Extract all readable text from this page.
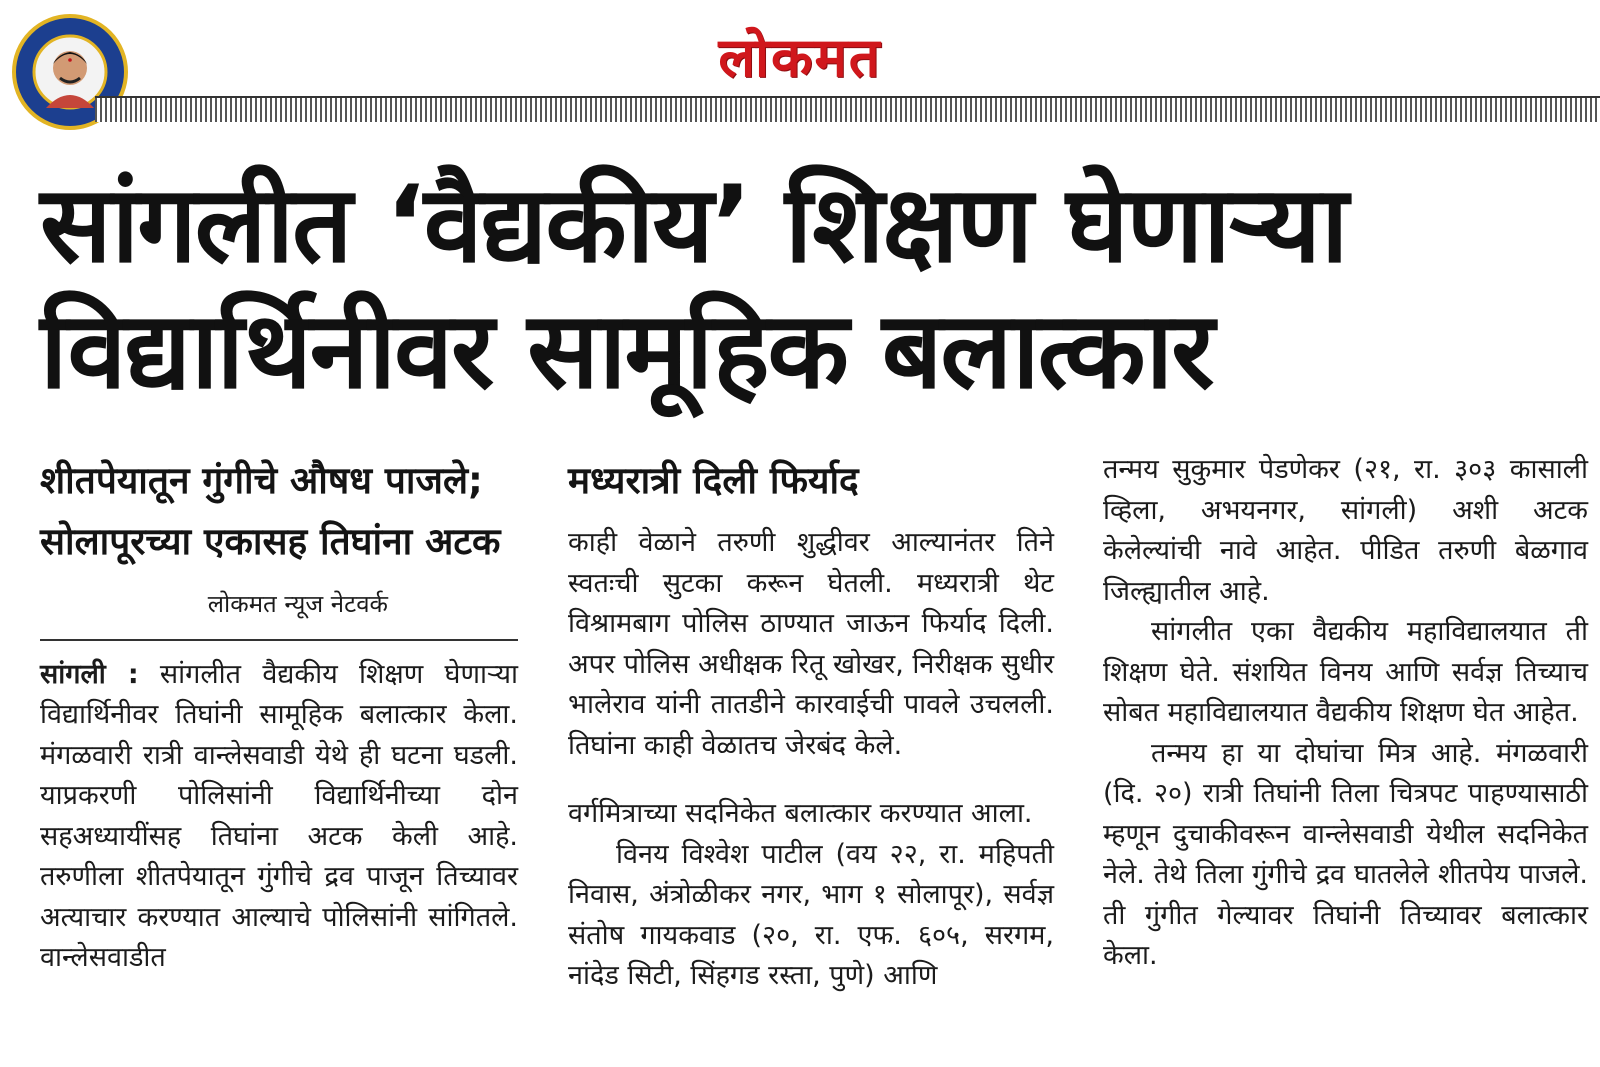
लोकमत
सांगलीत ‘वैद्यकीय’ शिक्षण घेणाऱ्या
विद्यार्थिनीवर सामूहिक बलात्कार
शीतपेयातून गुंगीचे औषध पाजले; सोलापूरच्या एकासह तिघांना अटक
लोकमत न्यूज नेटवर्क

सांगली : सांगलीत वैद्यकीय शिक्षण घेणाऱ्या विद्यार्थिनीवर तिघांनी सामूहिक बलात्कार केला. मंगळवारी रात्री वान्लेसवाडी येथे ही घटना घडली. याप्रकरणी पोलिसांनी विद्यार्थिनीच्या दोन सहअध्यायींसह तिघांना अटक केली आहे. तरुणीला शीतपेयातून गुंगीचे द्रव पाजून तिच्यावर अत्याचार करण्यात आल्याचे पोलिसांनी सांगितले. वान्लेसवाडीत

मध्यरात्री दिली फिर्याद

काही वेळाने तरुणी शुद्धीवर आल्यानंतर तिने स्वतःची सुटका करून घेतली. मध्यरात्री थेट विश्रामबाग पोलिस ठाण्यात जाऊन फिर्याद दिली. अपर पोलिस अधीक्षक रितू खोखर, निरीक्षक सुधीर भालेराव यांनी तातडीने कारवाईची पावले उचलली. तिघांना काही वेळातच जेरबंद केले.

वर्गमित्राच्या सदनिकेत बलात्कार करण्यात आला.

विनय विश्वेश पाटील (वय २२, रा. महिपती निवास, अंत्रोळीकर नगर, भाग १ सोलापूर), सर्वज्ञ संतोष गायकवाड (२०, रा. एफ. ६०५, सरगम, नांदेड सिटी, सिंहगड रस्ता, पुणे) आणि

तन्मय सुकुमार पेडणेकर (२१, रा. ३०३ कासाली व्हिला, अभयनगर, सांगली) अशी अटक केलेल्यांची नावे आहेत. पीडित तरुणी बेळगाव जिल्ह्यातील आहे.

सांगलीत एका वैद्यकीय महाविद्यालयात ती शिक्षण घेते. संशयित विनय आणि सर्वज्ञ तिच्याच सोबत महाविद्यालयात वैद्यकीय शिक्षण घेत आहेत.

तन्मय हा या दोघांचा मित्र आहे. मंगळवारी (दि. २०) रात्री तिघांनी तिला चित्रपट पाहण्यासाठी म्हणून दुचाकीवरून वान्लेसवाडी येथील सदनिकेत नेले. तेथे तिला गुंगीचे द्रव घातलेले शीतपेय पाजले. ती गुंगीत गेल्यावर तिघांनी तिच्यावर बलात्कार केला.
